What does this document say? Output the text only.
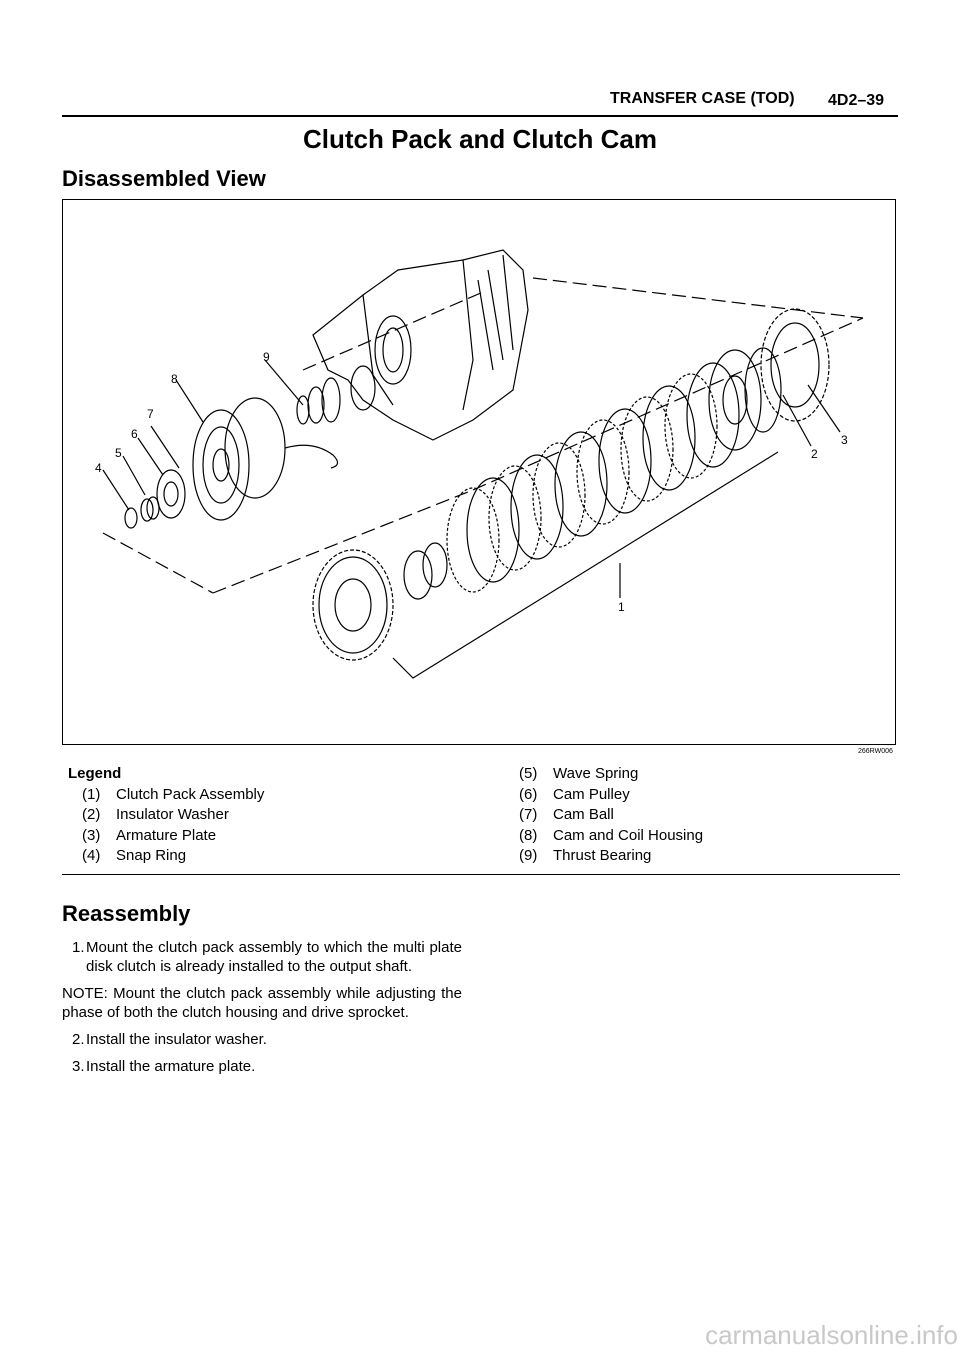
TRANSFER CASE (TOD) 4D2–39
Clutch Pack and Clutch Cam
Disassembled View
1
2
3
4
5
6
7
8
9
266RW006
Legend
(1) Clutch Pack Assembly
(2) Insulator Washer
(3) Armature Plate
(4) Snap Ring
(5) Wave Spring
(6) Cam Pulley
(7) Cam Ball
(8) Cam and Coil Housing
(9) Thrust Bearing
Reassembly
1. Mount the clutch pack assembly to which the multi plate disk clutch is already installed to the output shaft.
NOTE: Mount the clutch pack assembly while adjusting the phase of both the clutch housing and drive sprocket.
2. Install the insulator washer.
3. Install the armature plate.
carmanualsonline.info
